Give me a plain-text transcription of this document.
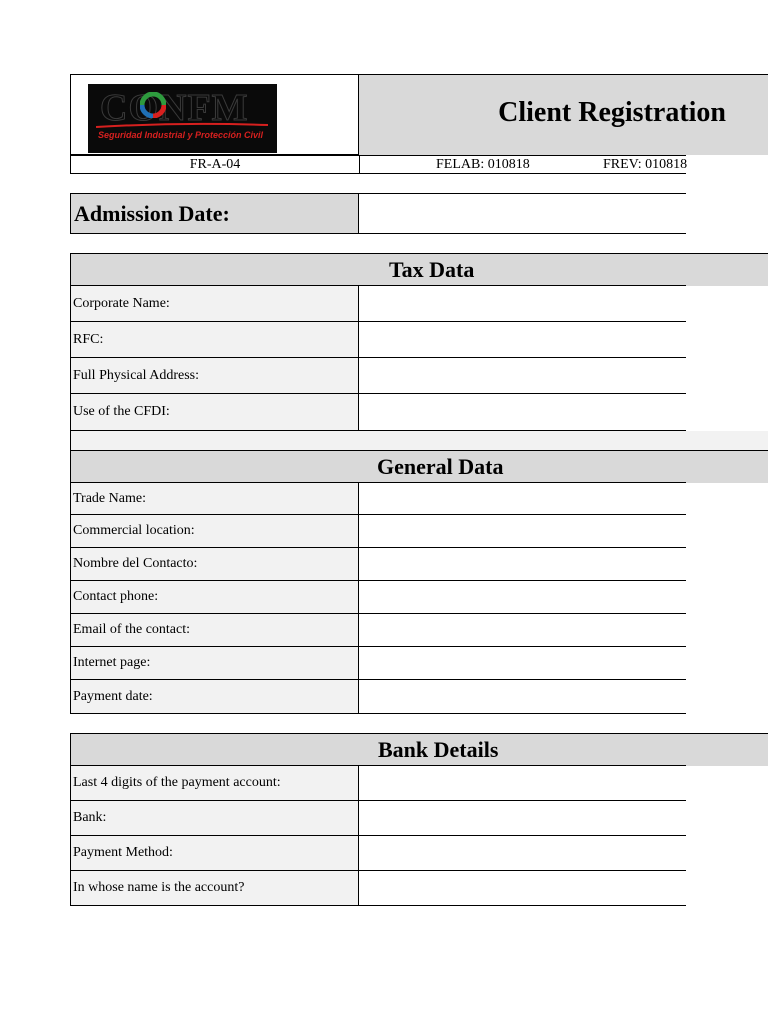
CONFM
Seguridad Industrial y Protección Civil
Client Registration
FR-A-04	FELAB: 010818	FREV: 010818
Admission Date:
Tax Data
Corporate Name:
RFC:
Full Physical Address:
Use of the CFDI:
General Data
Trade Name:
Commercial location:
Nombre del Contacto:
Contact phone:
Email of the contact:
Internet page:
Payment date:
Bank Details
Last 4 digits of the payment account:
Bank:
Payment Method:
In whose name is the account?
